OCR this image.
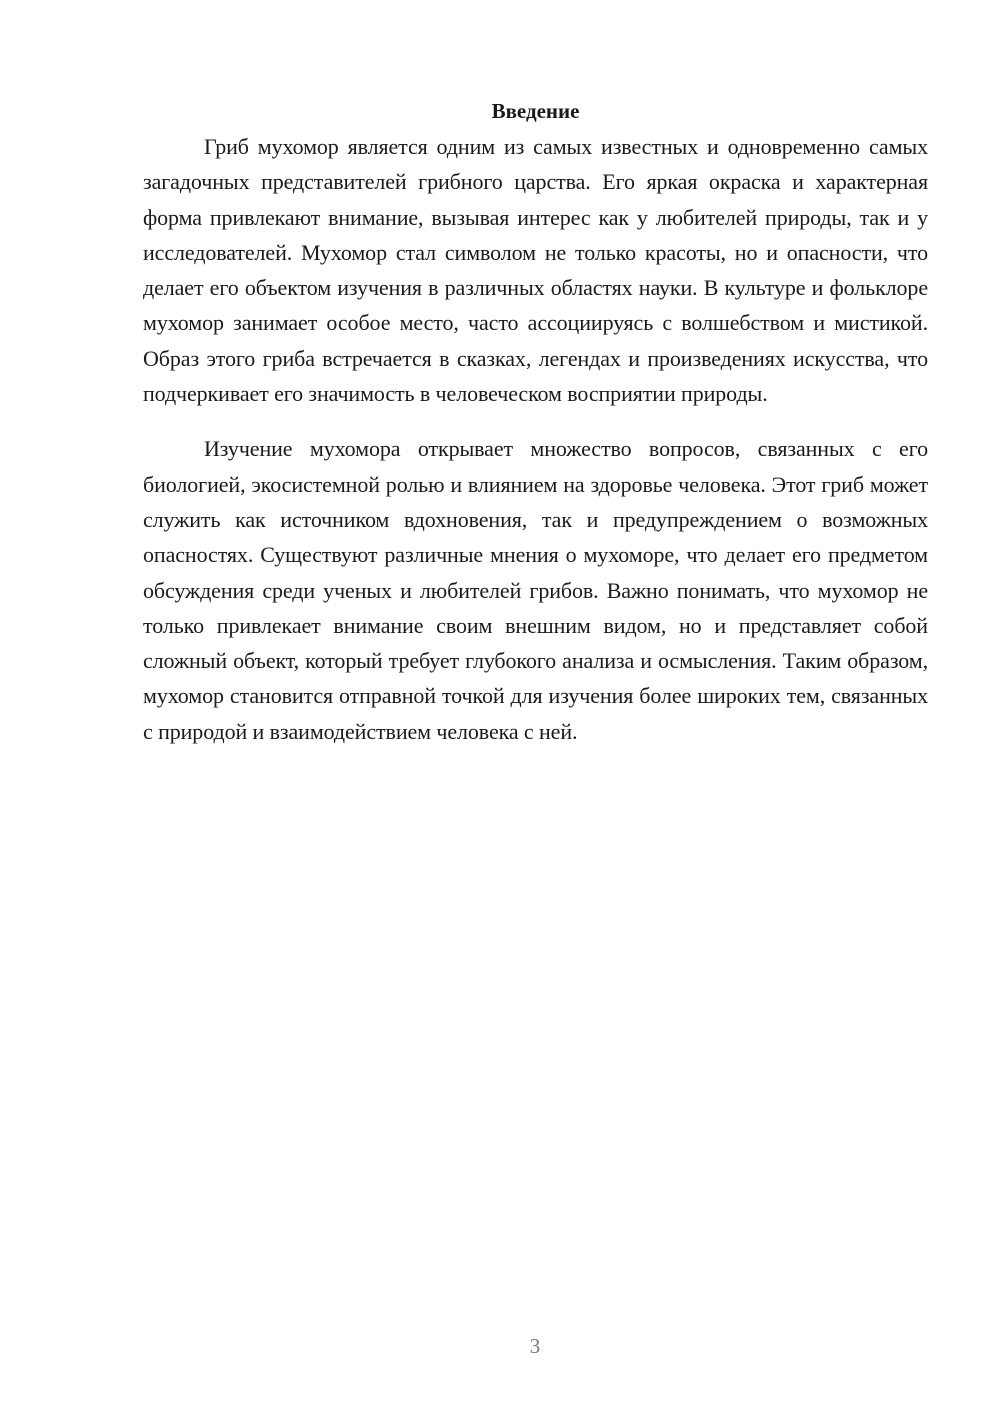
Введение

Гриб мухомор является одним из самых известных и одновременно самых загадочных представителей грибного царства. Его яркая окраска и характерная форма привлекают внимание, вызывая интерес как у любителей природы, так и у исследователей. Мухомор стал символом не только красоты, но и опасности, что делает его объектом изучения в различных областях науки. В культуре и фольклоре мухомор занимает особое место, часто ассоциируясь с волшебством и мистикой. Образ этого гриба встречается в сказках, легендах и произведениях искусства, что подчеркивает его значимость в человеческом восприятии природы.

Изучение мухомора открывает множество вопросов, связанных с его биологией, экосистемной ролью и влиянием на здоровье человека. Этот гриб может служить как источником вдохновения, так и предупреждением о возможных опасностях. Существуют различные мнения о мухоморе, что делает его предметом обсуждения среди ученых и любителей грибов. Важно понимать, что мухомор не только привлекает внимание своим внешним видом, но и представляет собой сложный объект, который требует глубокого анализа и осмысления. Таким образом, мухомор становится отправной точкой для изучения более широких тем, связанных с природой и взаимодействием человека с ней.

3
